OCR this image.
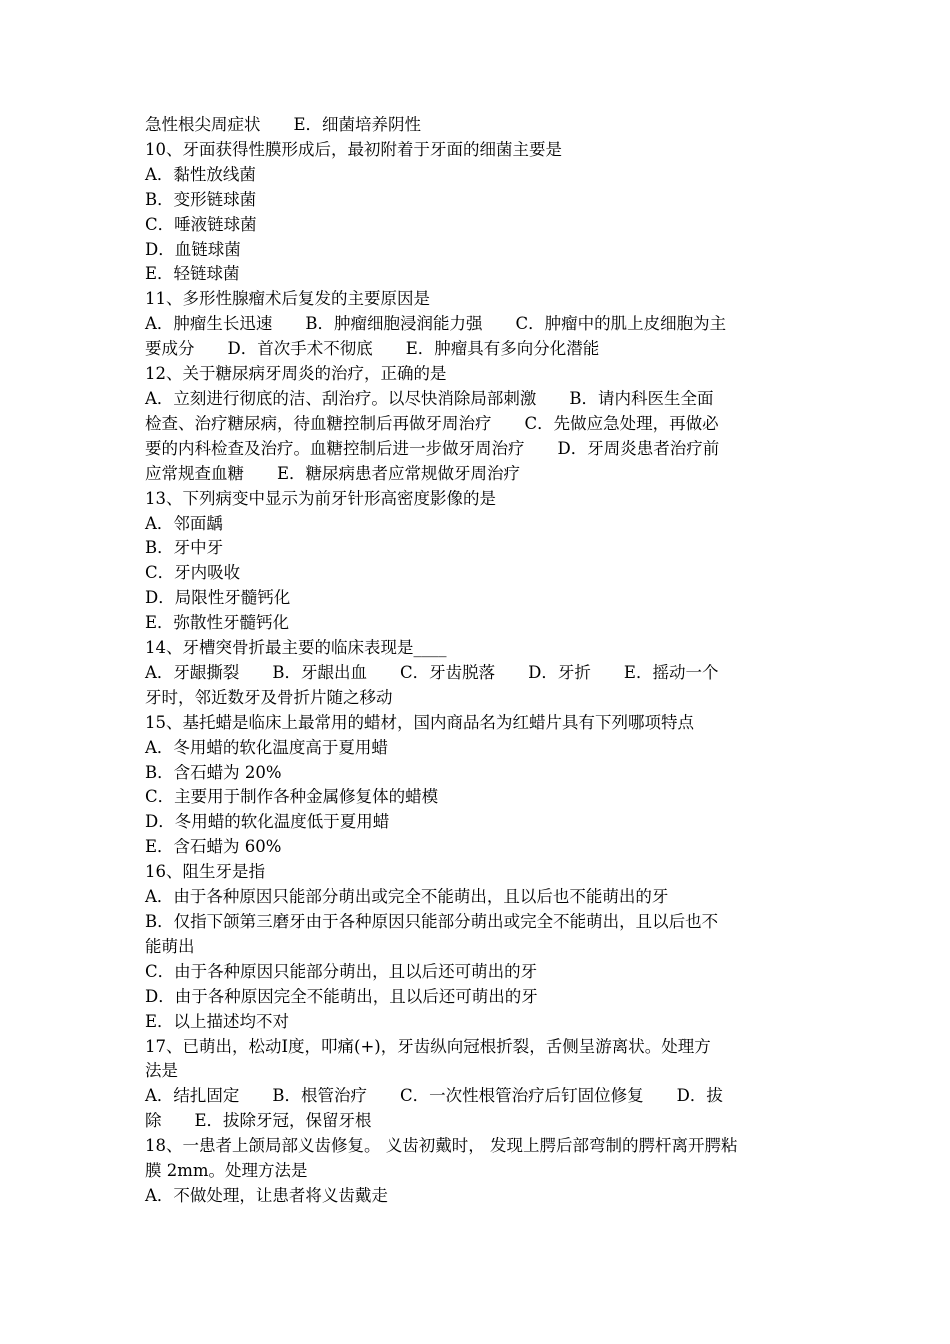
急性根尖周症状　　E．细菌培养阴性

10、牙面获得性膜形成后，最初附着于牙面的细菌主要是

A．黏性放线菌

B．变形链球菌

C．唾液链球菌

D．血链球菌

E．轻链球菌

11、多形性腺瘤术后复发的主要原因是

A．肿瘤生长迅速　　B．肿瘤细胞浸润能力强　　C．肿瘤中的肌上皮细胞为主

要成分　　D．首次手术不彻底　　E．肿瘤具有多向分化潜能

12、关于糖尿病牙周炎的治疗，正确的是

A．立刻进行彻底的洁、刮治疗。以尽快消除局部刺激　　B．请内科医生全面

检查、治疗糖尿病，待血糖控制后再做牙周治疗　　C．先做应急处理，再做必

要的内科检查及治疗。血糖控制后进一步做牙周治疗　　D．牙周炎患者治疗前

应常规查血糖　　E．糖尿病患者应常规做牙周治疗

13、下列病变中显示为前牙针形高密度影像的是

A．邻面龋

B．牙中牙

C．牙内吸收

D．局限性牙髓钙化

E．弥散性牙髓钙化

14、牙槽突骨折最主要的临床表现是____

A．牙龈撕裂　　B．牙龈出血　　C．牙齿脱落　　D．牙折　　E．摇动一个

牙时，邻近数牙及骨折片随之移动

15、基托蜡是临床上最常用的蜡材，国内商品名为红蜡片具有下列哪项特点

A．冬用蜡的软化温度高于夏用蜡

B．含石蜡为 20%

C．主要用于制作各种金属修复体的蜡模

D．冬用蜡的软化温度低于夏用蜡

E．含石蜡为 60%

16、阻生牙是指

A．由于各种原因只能部分萌出或完全不能萌出，且以后也不能萌出的牙

B．仅指下颌第三磨牙由于各种原因只能部分萌出或完全不能萌出，且以后也不

能萌出

C．由于各种原因只能部分萌出，且以后还可萌出的牙

D．由于各种原因完全不能萌出，且以后还可萌出的牙

E．以上描述均不对

17、已萌出，松动Ⅰ度，叩痛(+)，牙齿纵向冠根折裂，舌侧呈游离状。处理方

法是

A．结扎固定　　B．根管治疗　　C．一次性根管治疗后钉固位修复　　D．拔

除　　E．拔除牙冠，保留牙根

18、一患者上颌局部义齿修复。 义齿初戴时， 发现上腭后部弯制的腭杆离开腭粘

膜 2mm。处理方法是

A．不做处理，让患者将义齿戴走
